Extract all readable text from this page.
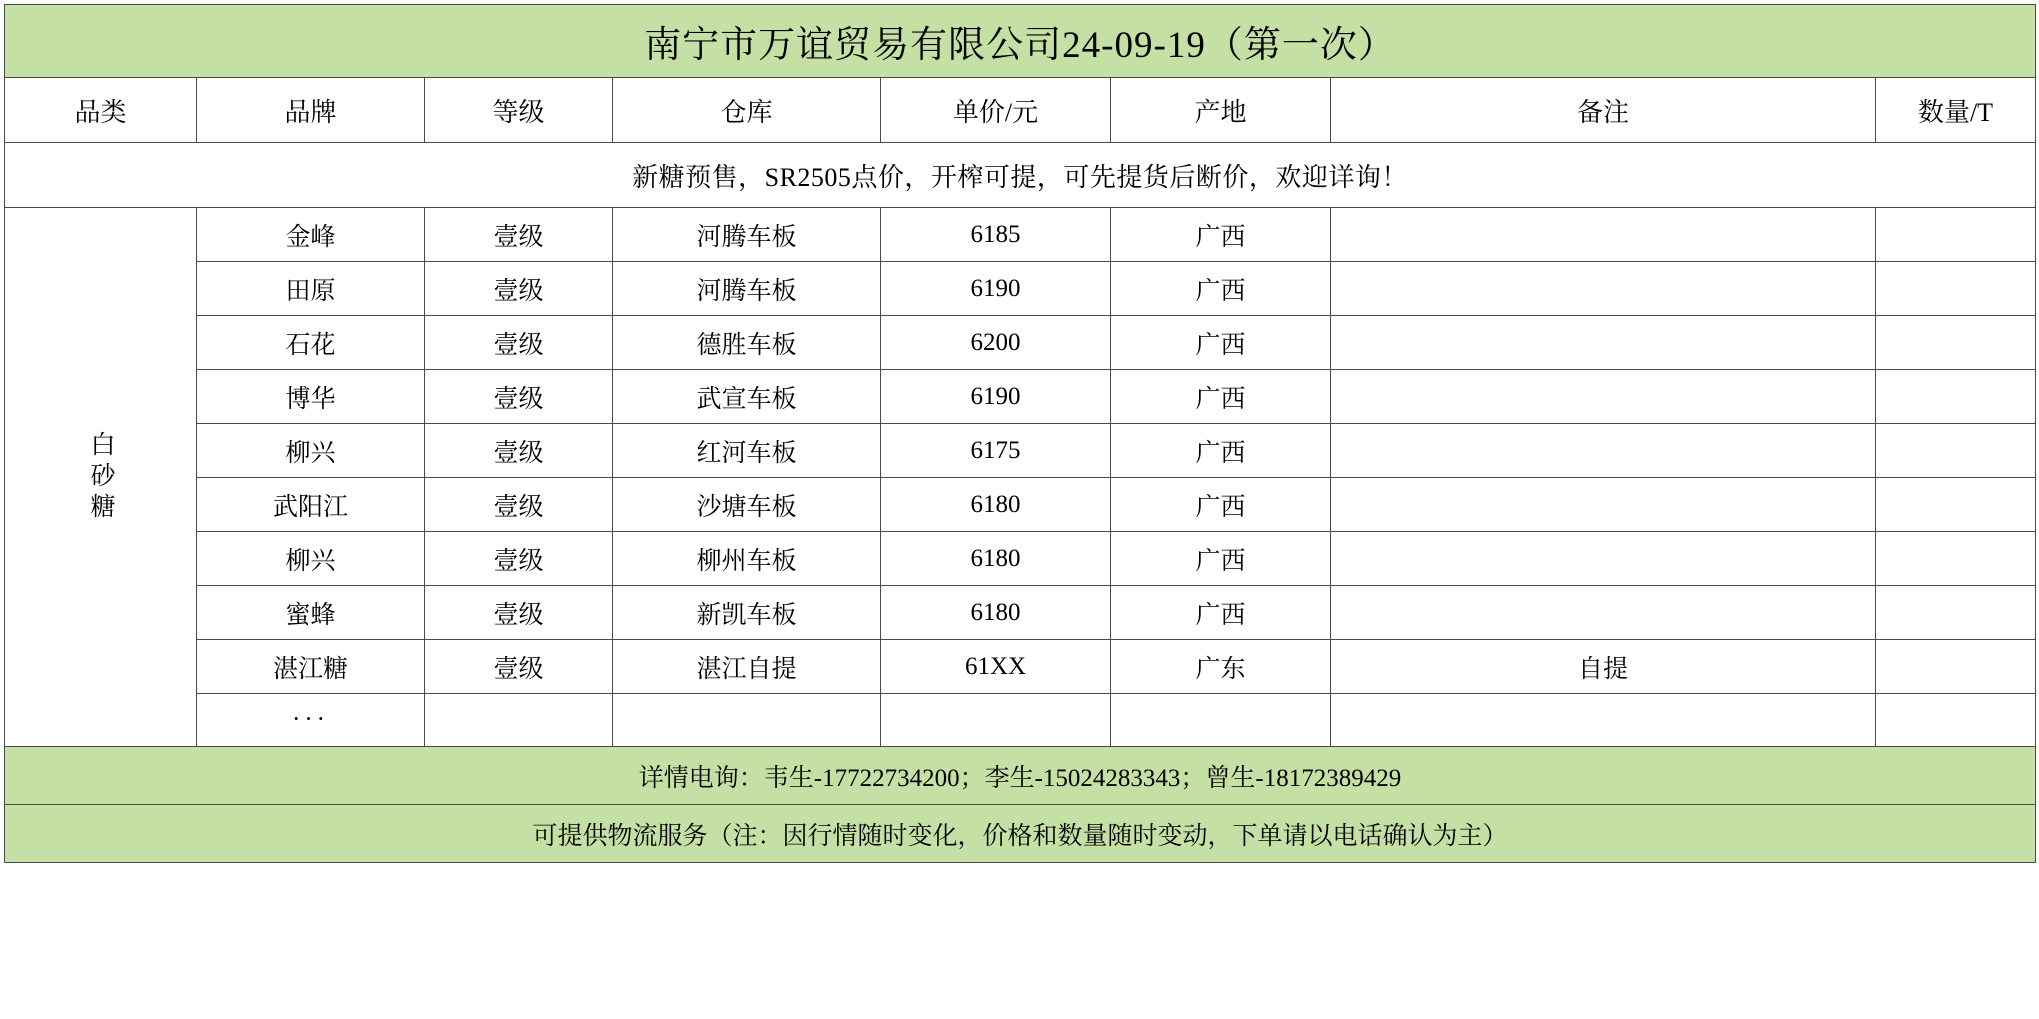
南宁市万谊贸易有限公司24-09-19（第一次）							
品类	品牌	等级	仓库	单价/元	产地	备注	数量/T
新糖预售，SR2505点价，开榨可提，可先提货后断价，欢迎详询！							

白砂糖	金峰	壹级	河腾车板	6185	广西		
	田原	壹级	河腾车板	6190	广西		
	石花	壹级	德胜车板	6200	广西		
	博华	壹级	武宣车板	6190	广西		
	柳兴	壹级	红河车板	6175	广西		
	武阳江	壹级	沙塘车板	6180	广西		
	柳兴	壹级	柳州车板	6180	广西		
	蜜蜂	壹级	新凯车板	6180	广西		
	湛江糖	壹级	湛江自提	61XX	广东	自提	
	···						
详情电询：韦生-17722734200；李生-15024283343；曾生-18172389429							
可提供物流服务（注：因行情随时变化，价格和数量随时变动，下单请以电话确认为主）							
